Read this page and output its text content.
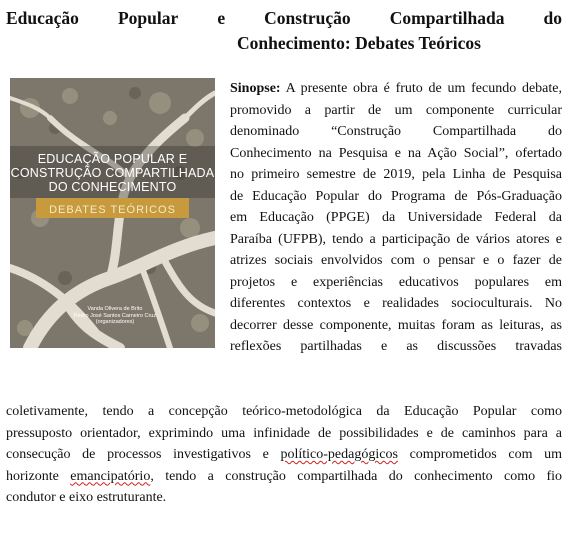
Educação Popular e Construção Compartilhada do
Conhecimento: Debates Teóricos
EDUCAÇÃO POPULAR E
CONSTRUÇÃO COMPARTILHADA
DO CONHECIMENTO
DEBATES TEÓRICOS
Vanda Olivera de Brito
Pedro José Santos Carneiro Cruz
(organizadores)
Sinopse: A presente obra é fruto de um fecundo debate,
promovido a partir de um componente curricular
denominado “Construção Compartilhada do
Conhecimento na Pesquisa e na Ação Social”, ofertado
no primeiro semestre de 2019, pela Linha de Pesquisa
de Educação Popular do Programa de Pós-Graduação
em Educação (PPGE) da Universidade Federal da
Paraíba (UFPB), tendo a participação de vários atores e
atrizes sociais envolvidos com o pensar e o fazer de
projetos e experiências educativos populares em
diferentes contextos e realidades socioculturais. No
decorrer desse componente, muitas foram as leituras, as
reflexões partilhadas e as discussões travadas
coletivamente, tendo a concepção teórico-metodológica da Educação Popular como
pressuposto orientador, exprimindo uma infinidade de possibilidades e de caminhos para a
consecução de processos investigativos e político-pedagógicos comprometidos com um
horizonte emancipatório, tendo a construção compartilhada do conhecimento como fio
condutor e eixo estruturante.
